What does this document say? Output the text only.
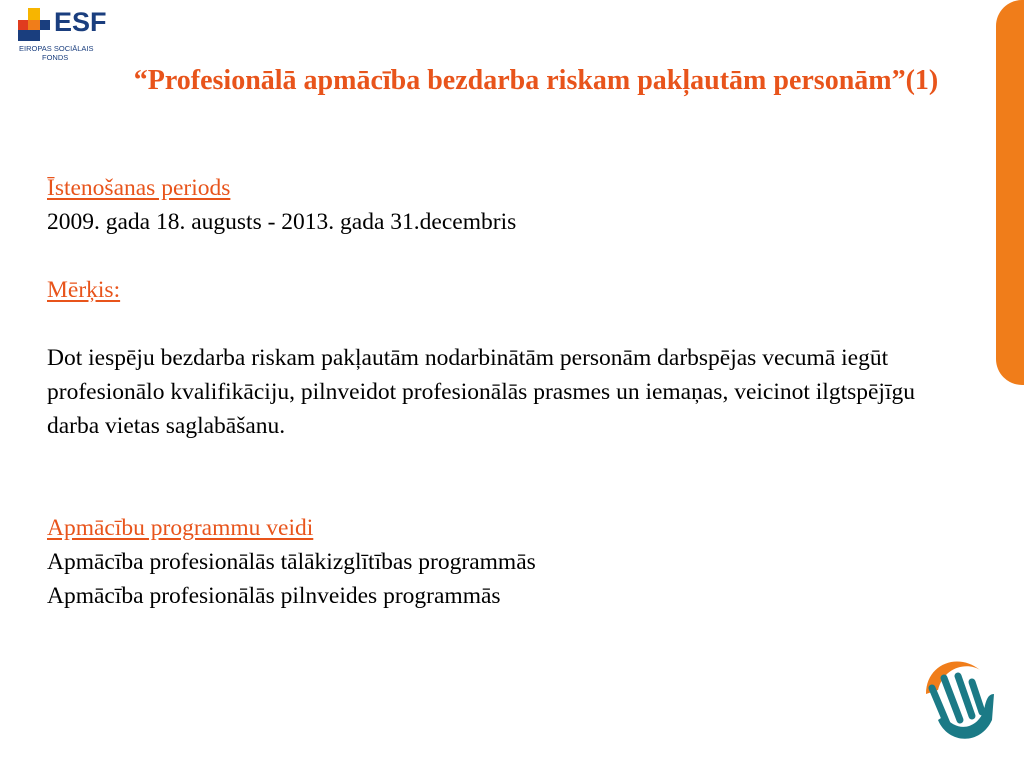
ESF
EIROPAS SOCIĀLAIS
FONDS
“Profesionālā apmācība bezdarba riskam pakļautām personām”(1)

Īstenošanas periods

2009. gada 18. augusts - 2013. gada 31.decembris

Mērķis:

Dot iespēju bezdarba riskam pakļautām nodarbinātām personām darbspējas vecumā iegūt profesionālo kvalifikāciju, pilnveidot profesionālās prasmes un iemaņas, veicinot ilgtspējīgu darba vietas saglabāšanu.

Apmācību programmu veidi

Apmācība profesionālās tālākizglītības programmās

Apmācība profesionālās pilnveides programmās
